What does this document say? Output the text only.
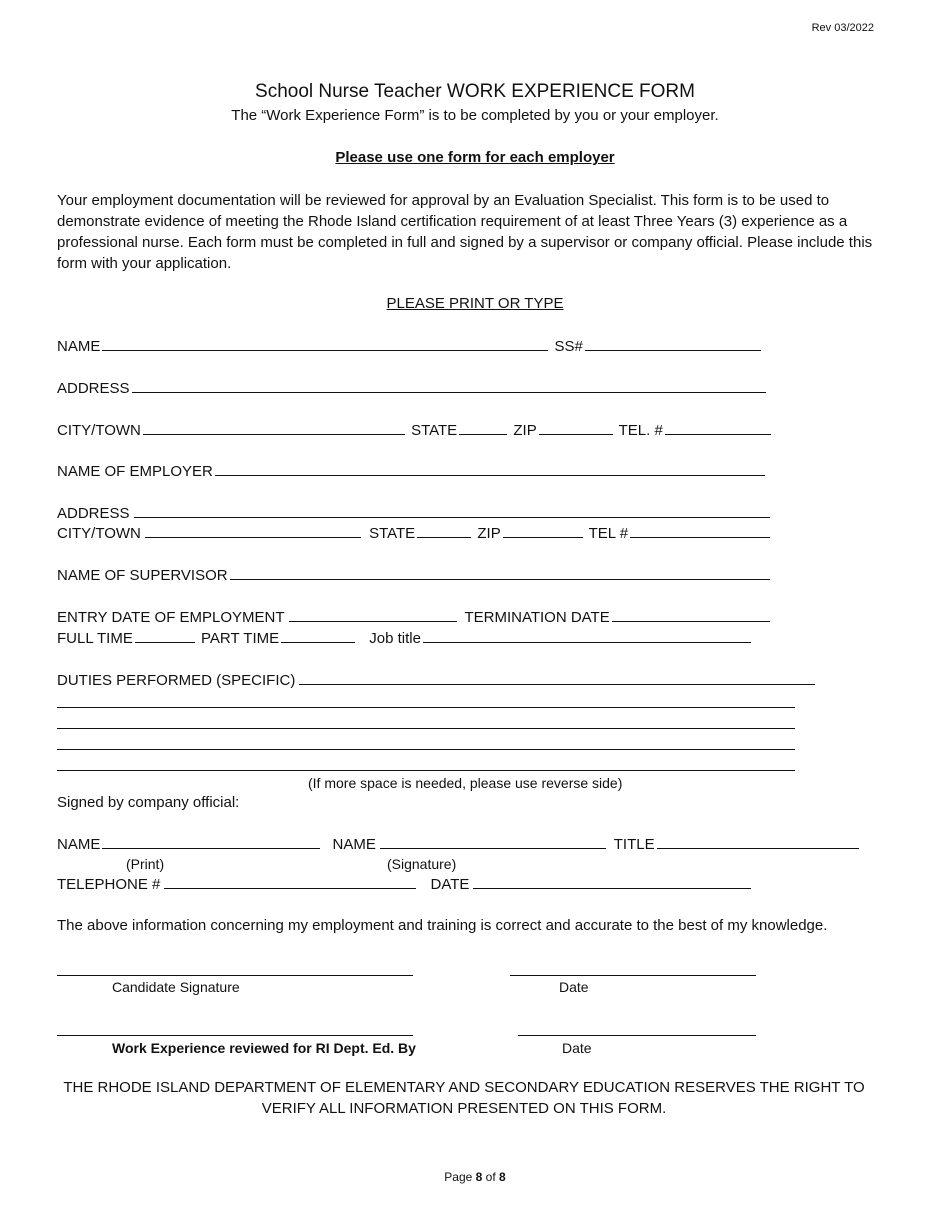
Rev 03/2022
School Nurse Teacher WORK EXPERIENCE FORM
The “Work Experience Form” is to be completed by you or your employer.
Please use one form for each employer
Your employment documentation will be reviewed for approval by an Evaluation Specialist. This form is to be used to demonstrate evidence of meeting the Rhode Island certification requirement of at least Three Years (3) experience as a professional nurse. Each form must be completed in full and signed by a supervisor or company official. Please include this form with your application.
PLEASE PRINT OR TYPE
NAME	SS#
ADDRESS
CITY/TOWN	STATE	ZIP	TEL. #
NAME OF EMPLOYER
ADDRESS
CITY/TOWN	STATE	ZIP	TEL #
NAME OF SUPERVISOR
ENTRY DATE OF EMPLOYMENT	TERMINATION DATE
FULL TIME	PART TIME	Job title
DUTIES PERFORMED (SPECIFIC)
(If more space is needed, please use reverse side)
Signed by company official:
NAME	NAME	TITLE
(Print)	(Signature)
TELEPHONE #	DATE
The above information concerning my employment and training is correct and accurate to the best of my knowledge.
Candidate Signature	Date
Work Experience reviewed for RI Dept. Ed. By	Date
THE RHODE ISLAND DEPARTMENT OF ELEMENTARY AND SECONDARY EDUCATION RESERVES THE RIGHT TO VERIFY ALL INFORMATION PRESENTED ON THIS FORM.
Page 8 of 8
